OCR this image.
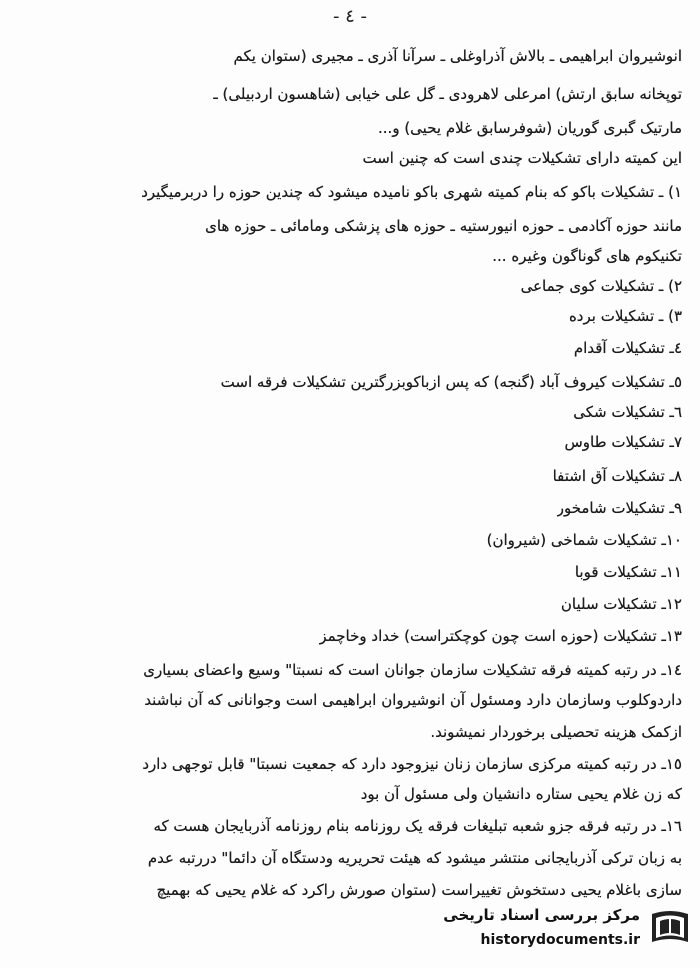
- ٤ -
انوشیروان ابراهیمی ـ بالاش آذراوغلی ـ سرآنا آذری ـ مجیری (ستوان یکم
توپخانه سابق ارتش) امرعلی لاهرودی ـ گل علی خیابی (شاهسون اردبیلی) ـ
مارتیک گبری گوریان (شوفرسابق غلام یحیی) و...
این کمیته دارای تشکیلات چندی است که چنین است
١) ـ تشکیلات باکو که بنام کمیته شهری باکو نامیده میشود که چندین حوزه را دربرمیگیرد
مانند حوزه آکادمی ـ حوزه انیورستیه ـ حوزه های پزشکی ومامائی ـ حوزه های
تکنیکوم های گوناگون وغیره ...
٢) ـ تشکیلات کوی جماعی
٣) ـ تشکیلات برده
٤ـ تشکیلات آقدام
٥ـ تشکیلات کیروف آباد (گنجه) که پس ازباکوبزرگترین تشکیلات فرقه است
٦ـ تشکیلات شکی
٧ـ تشکیلات طاوس
٨ـ تشکیلات آق اشتفا
٩ـ تشکیلات شامخور
١٠ـ تشکیلات شماخی (شیروان)
١١ـ تشکیلات قوبا
١٢ـ تشکیلات سلیان
١٣ـ تشکیلات (حوزه است چون کوچکتراست) خداد وخاچمز
١٤ـ در رتبه کمیته فرقه تشکیلات سازمان جوانان است که نسبتا" وسیع واعضای بسیاری
داردوکلوب وسازمان دارد ومسئول آن انوشیروان ابراهیمی است وجوانانی که آن نباشند
ازکمک هزینه تحصیلی برخوردار نمیشوند.
١٥ـ در رتبه کمیته مرکزی سازمان زنان نیزوجود دارد که جمعیت نسبتا" قابل توجهی دارد
که زن غلام یحیی ستاره دانشیان ولی مسئول آن بود
١٦ـ در رتبه فرقه جزو شعبه تبلیغات فرقه یک روزنامه بنام روزنامه آذربایجان هست که
به زبان ترکی آذربایجانی منتشر میشود که هیئت تحریریه ودستگاه آن دائما" دررتبه عدم
سازی باغلام یحیی دستخوش تغییراست (ستوان صورش راکرد که غلام یحیی که بهمیچ
مرکز بررسی اسناد تاریخی
historydocuments.ir
